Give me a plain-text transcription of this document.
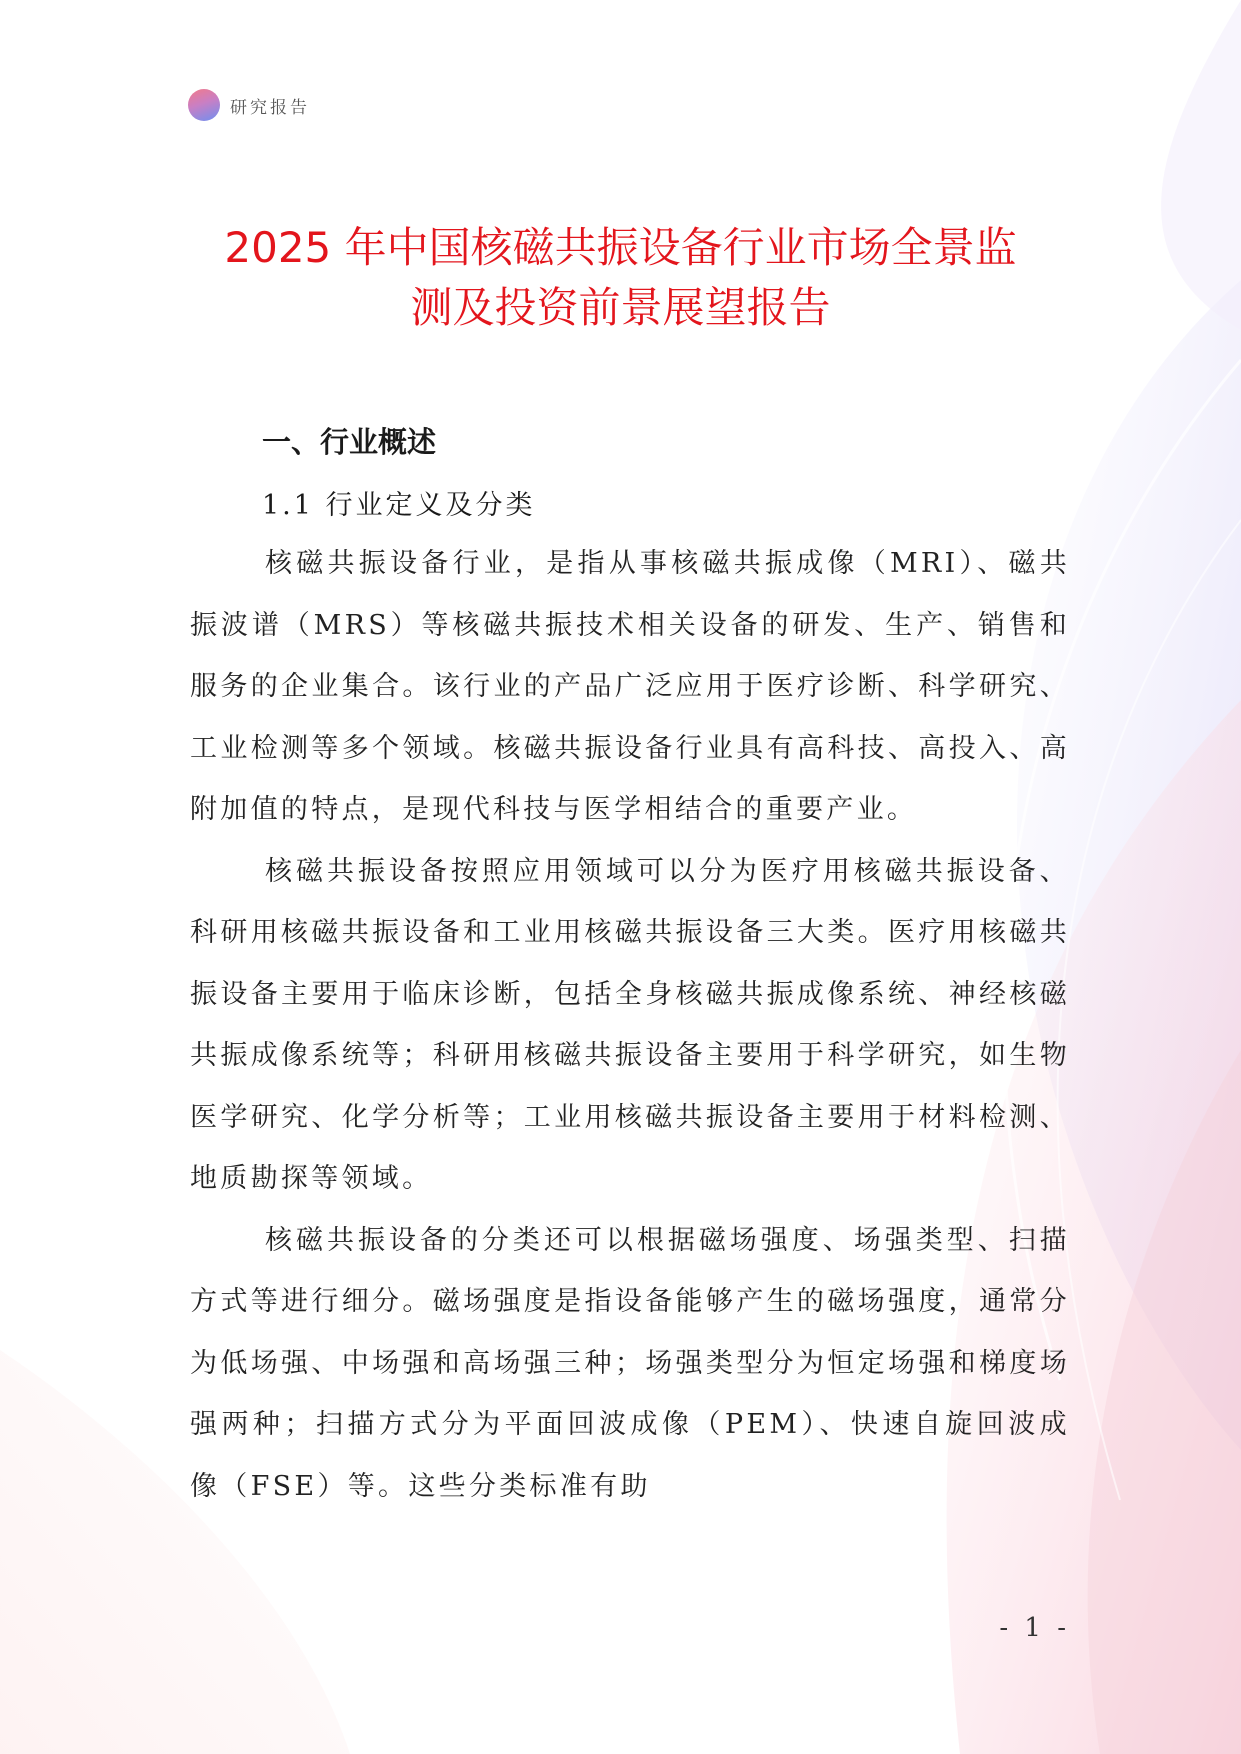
研究报告
2025 年中国核磁共振设备行业市场全景监
测及投资前景展望报告
一、行业概述
1.1 行业定义及分类

核磁共振设备行业，是指从事核磁共振成像（MRI）、磁共振波谱（MRS）等核磁共振技术相关设备的研发、生产、销售和服务的企业集合。该行业的产品广泛应用于医疗诊断、科学研究、工业检测等多个领域。核磁共振设备行业具有高科技、高投入、高附加值的特点，是现代科技与医学相结合的重要产业。

核磁共振设备按照应用领域可以分为医疗用核磁共振设备、科研用核磁共振设备和工业用核磁共振设备三大类。医疗用核磁共振设备主要用于临床诊断，包括全身核磁共振成像系统、神经核磁共振成像系统等；科研用核磁共振设备主要用于科学研究，如生物医学研究、化学分析等；工业用核磁共振设备主要用于材料检测、地质勘探等领域。

核磁共振设备的分类还可以根据磁场强度、场强类型、扫描方式等进行细分。磁场强度是指设备能够产生的磁场强度，通常分为低场强、中场强和高场强三种；场强类型分为恒定场强和梯度场强两种；扫描方式分为平面回波成像（PEM）、快速自旋回波成像（FSE）等。这些分类标准有助

- 1 -
